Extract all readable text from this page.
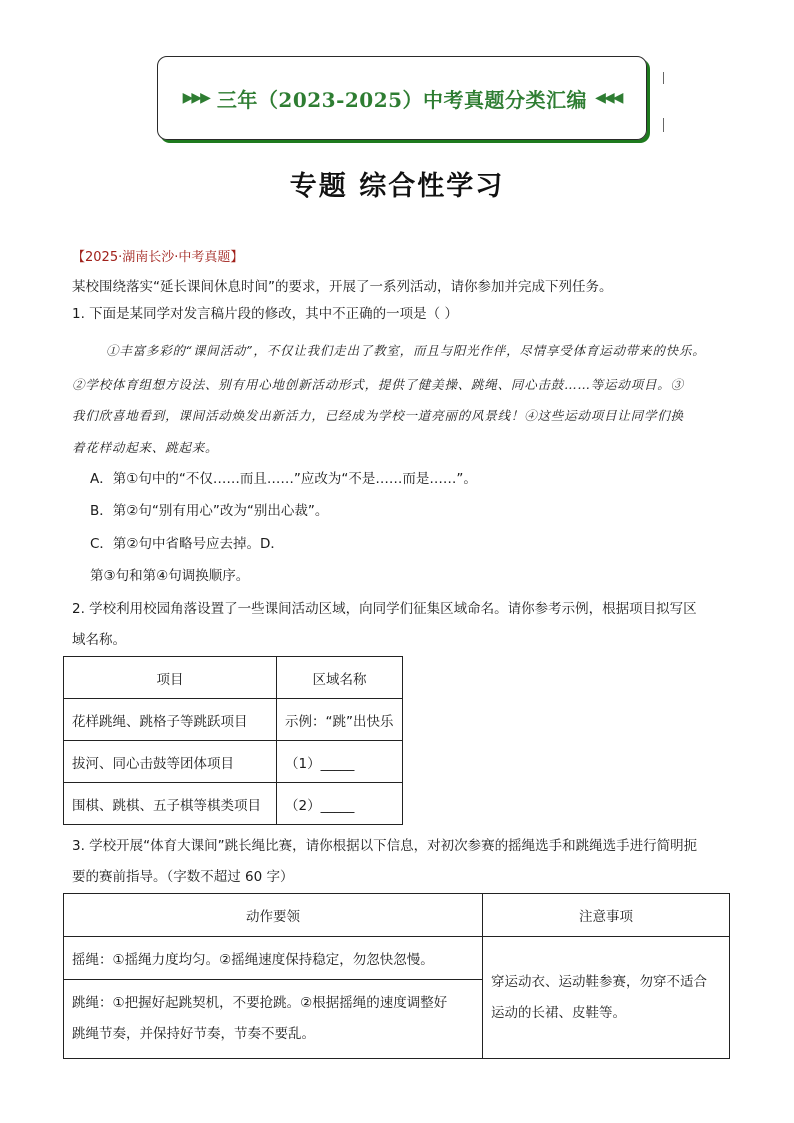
▶▶▶ 三年（2023-2025）中考真题分类汇编 ◀◀◀
专题 综合性学习
【2025·湖南长沙·中考真题】
某校围绕落实“延长课间休息时间”的要求，开展了一系列活动，请你参加并完成下列任务。
1. 下面是某同学对发言稿片段的修改，其中不正确的一项是（ ）
①丰富多彩的“课间活动”，不仅让我们走出了教室，而且与阳光作伴，尽情享受体育运动带来的快乐。
②学校体育组想方设法、别有用心地创新活动形式，提供了健美操、跳绳、同心击鼓……等运动项目。③
我们欣喜地看到，课间活动焕发出新活力，已经成为学校一道亮丽的风景线！④这些运动项目让同学们换
着花样动起来、跳起来。
A．第①句中的“不仅……而且……”应改为“不是……而是……”。
B．第②句“别有用心”改为“别出心裁”。
C．第②句中省略号应去掉。D．
第③句和第④句调换顺序。
2. 学校利用校园角落设置了一些课间活动区域，向同学们征集区域命名。请你参考示例，根据项目拟写区
域名称。
项目	区域名称
花样跳绳、跳格子等跳跃项目	示例：“跳”出快乐
拔河、同心击鼓等团体项目	（1）_____
围棋、跳棋、五子棋等棋类项目	（2）_____
3. 学校开展“体育大课间”跳长绳比赛，请你根据以下信息，对初次参赛的摇绳选手和跳绳选手进行简明扼
要的赛前指导。（字数不超过 60 字）
动作要领	注意事项
摇绳：①摇绳力度均匀。②摇绳速度保持稳定，勿忽快忽慢。	穿运动衣、运动鞋参赛，勿穿不适合
运动的长裙、皮鞋等。

跳绳：①把握好起跳契机，不要抢跳。②根据摇绳的速度调整好
跳绳节奏，并保持好节奏，节奏不要乱。	
